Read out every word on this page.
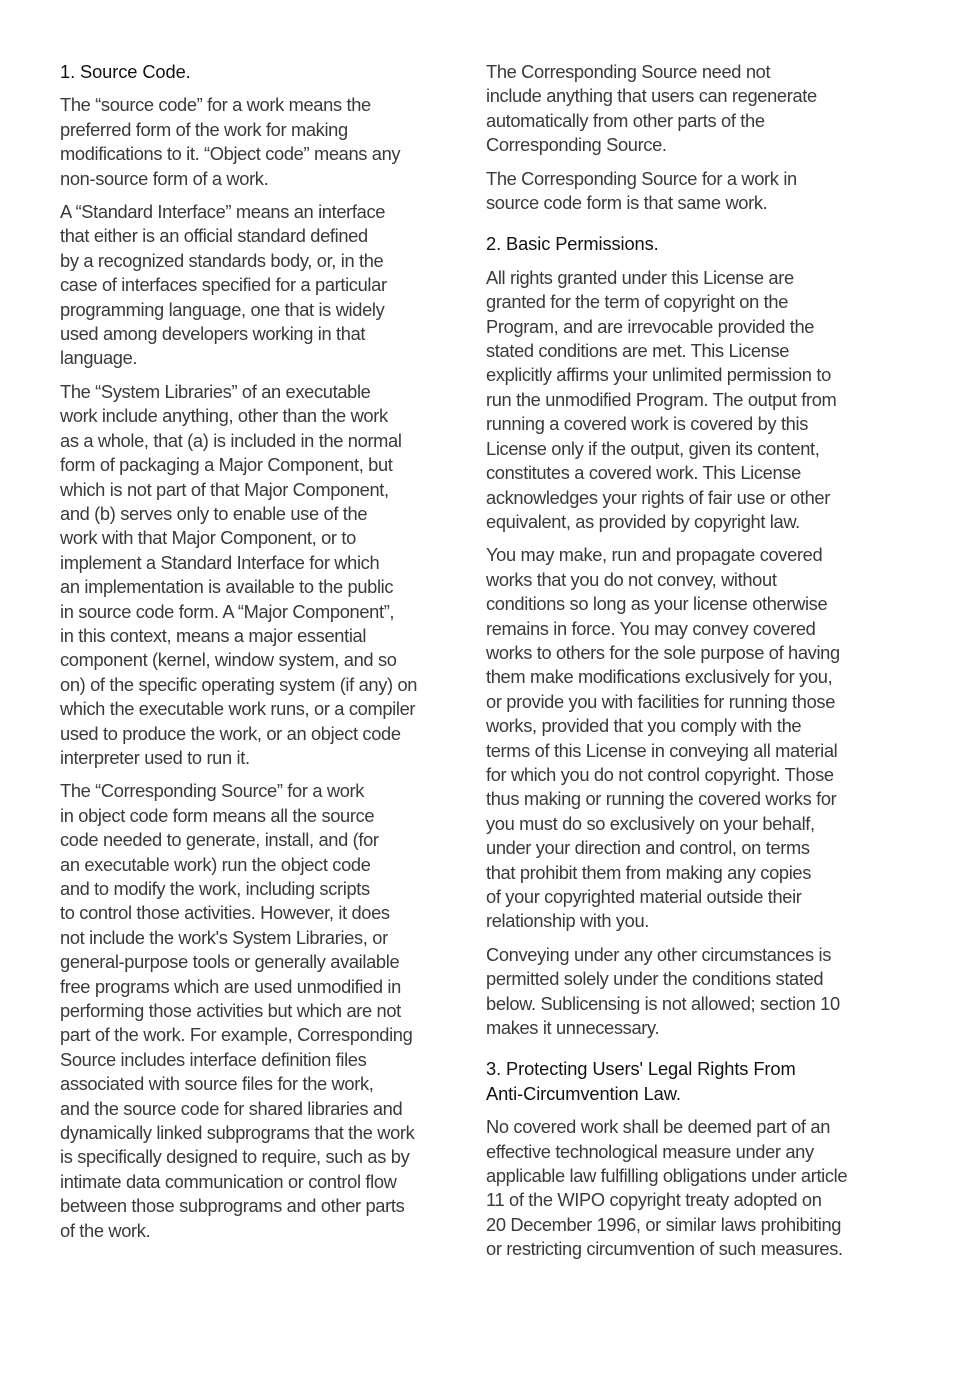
1. Source Code.

The “source code” for a work means the
preferred form of the work for making
modifications to it. “Object code” means any
non-source form of a work.

A “Standard Interface” means an interface
that either is an official standard defined
by a recognized standards body, or, in the
case of interfaces specified for a particular
programming language, one that is widely
used among developers working in that
language.

The “System Libraries” of an executable
work include anything, other than the work
as a whole, that (a) is included in the normal
form of packaging a Major Component, but
which is not part of that Major Component,
and (b) serves only to enable use of the
work with that Major Component, or to
implement a Standard Interface for which
an implementation is available to the public
in source code form. A “Major Component”,
in this context, means a major essential
component (kernel, window system, and so
on) of the specific operating system (if any) on
which the executable work runs, or a compiler
used to produce the work, or an object code
interpreter used to run it.

The “Corresponding Source” for a work
in object code form means all the source
code needed to generate, install, and (for
an executable work) run the object code
and to modify the work, including scripts
to control those activities. However, it does
not include the work's System Libraries, or
general-purpose tools or generally available
free programs which are used unmodified in
performing those activities but which are not
part of the work. For example, Corresponding
Source includes interface definition files
associated with source files for the work,
and the source code for shared libraries and
dynamically linked subprograms that the work
is specifically designed to require, such as by
intimate data communication or control flow
between those subprograms and other parts
of the work.

The Corresponding Source need not
include anything that users can regenerate
automatically from other parts of the
Corresponding Source.

The Corresponding Source for a work in
source code form is that same work.

2. Basic Permissions.

All rights granted under this License are
granted for the term of copyright on the
Program, and are irrevocable provided the
stated conditions are met. This License
explicitly affirms your unlimited permission to
run the unmodified Program. The output from
running a covered work is covered by this
License only if the output, given its content,
constitutes a covered work. This License
acknowledges your rights of fair use or other
equivalent, as provided by copyright law.

You may make, run and propagate covered
works that you do not convey, without
conditions so long as your license otherwise
remains in force. You may convey covered
works to others for the sole purpose of having
them make modifications exclusively for you,
or provide you with facilities for running those
works, provided that you comply with the
terms of this License in conveying all material
for which you do not control copyright. Those
thus making or running the covered works for
you must do so exclusively on your behalf,
under your direction and control, on terms
that prohibit them from making any copies
of your copyrighted material outside their
relationship with you.

Conveying under any other circumstances is
permitted solely under the conditions stated
below. Sublicensing is not allowed; section 10
makes it unnecessary.

3. Protecting Users' Legal Rights From
Anti-Circumvention Law.

No covered work shall be deemed part of an
effective technological measure under any
applicable law fulfilling obligations under article
11 of the WIPO copyright treaty adopted on
20 December 1996, or similar laws prohibiting
or restricting circumvention of such measures.
